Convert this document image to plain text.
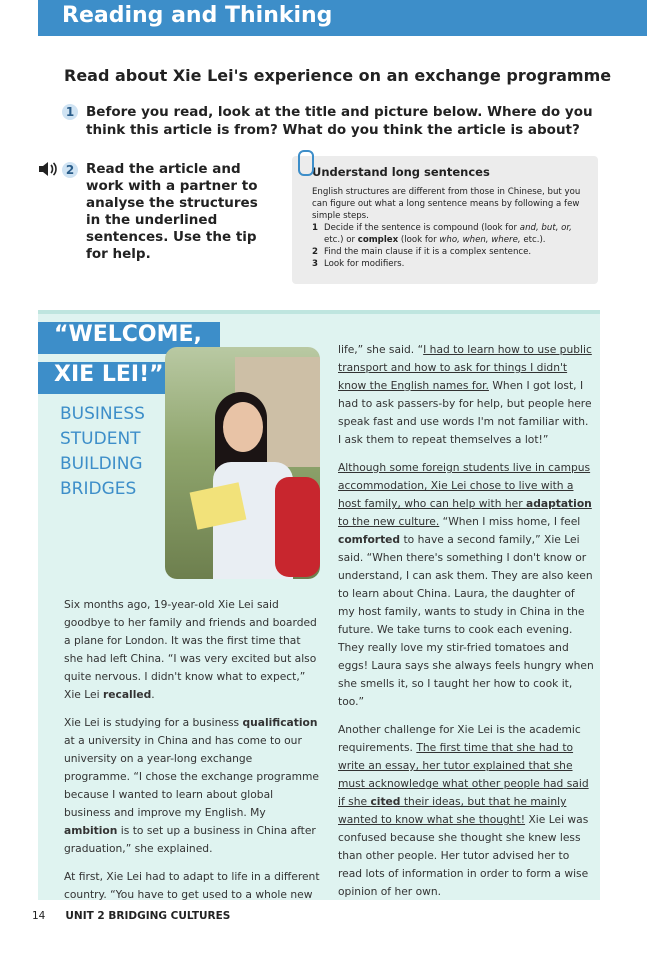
Reading and Thinking
Read about Xie Lei's experience on an exchange programme
1 Before you read, look at the title and picture below. Where do you think this article is from? What do you think the article is about?
2 Read the article and work with a partner to analyse the structures in the underlined sentences. Use the tip for help.
Understand long sentences
English structures are different from those in Chinese, but you can figure out what a long sentence means by following a few simple steps.
1 Decide if the sentence is compound (look for and, but, or, etc.) or complex (look for who, when, where, etc.).
2 Find the main clause if it is a complex sentence.
3 Look for modifiers.
“WELCOME,
XIE LEI!”
BUSINESS
STUDENT
BUILDING
BRIDGES

Six months ago, 19-year-old Xie Lei said goodbye to her family and friends and boarded a plane for London. It was the first time that she had left China. “I was very excited but also quite nervous. I didn't know what to expect,” Xie Lei recalled.

Xie Lei is studying for a business qualification at a university in China and has come to our university on a year-long exchange programme. “I chose the exchange programme because I wanted to learn about global business and improve my English. My ambition is to set up a business in China after graduation,” she explained.

At first, Xie Lei had to adapt to life in a different country. “You have to get used to a whole new

life,” she said. “I had to learn how to use public transport and how to ask for things I didn't know the English names for. When I got lost, I had to ask passers-by for help, but people here speak fast and use words I'm not familiar with. I ask them to repeat themselves a lot!”

Although some foreign students live in campus accommodation, Xie Lei chose to live with a host family, who can help with her adaptation to the new culture. “When I miss home, I feel comforted to have a second family,” Xie Lei said. “When there's something I don't know or understand, I can ask them. They are also keen to learn about China. Laura, the daughter of my host family, wants to study in China in the future. We take turns to cook each evening. They really love my stir-fried tomatoes and eggs! Laura says she always feels hungry when she smells it, so I taught her how to cook it, too.”

Another challenge for Xie Lei is the academic requirements. The first time that she had to write an essay, her tutor explained that she must acknowledge what other people had said if she cited their ideas, but that he mainly wanted to know what she thought! Xie Lei was confused because she thought she knew less than other people. Her tutor advised her to read lots of information in order to form a wise opinion of her own.

14 UNIT 2 BRIDGING CULTURES
